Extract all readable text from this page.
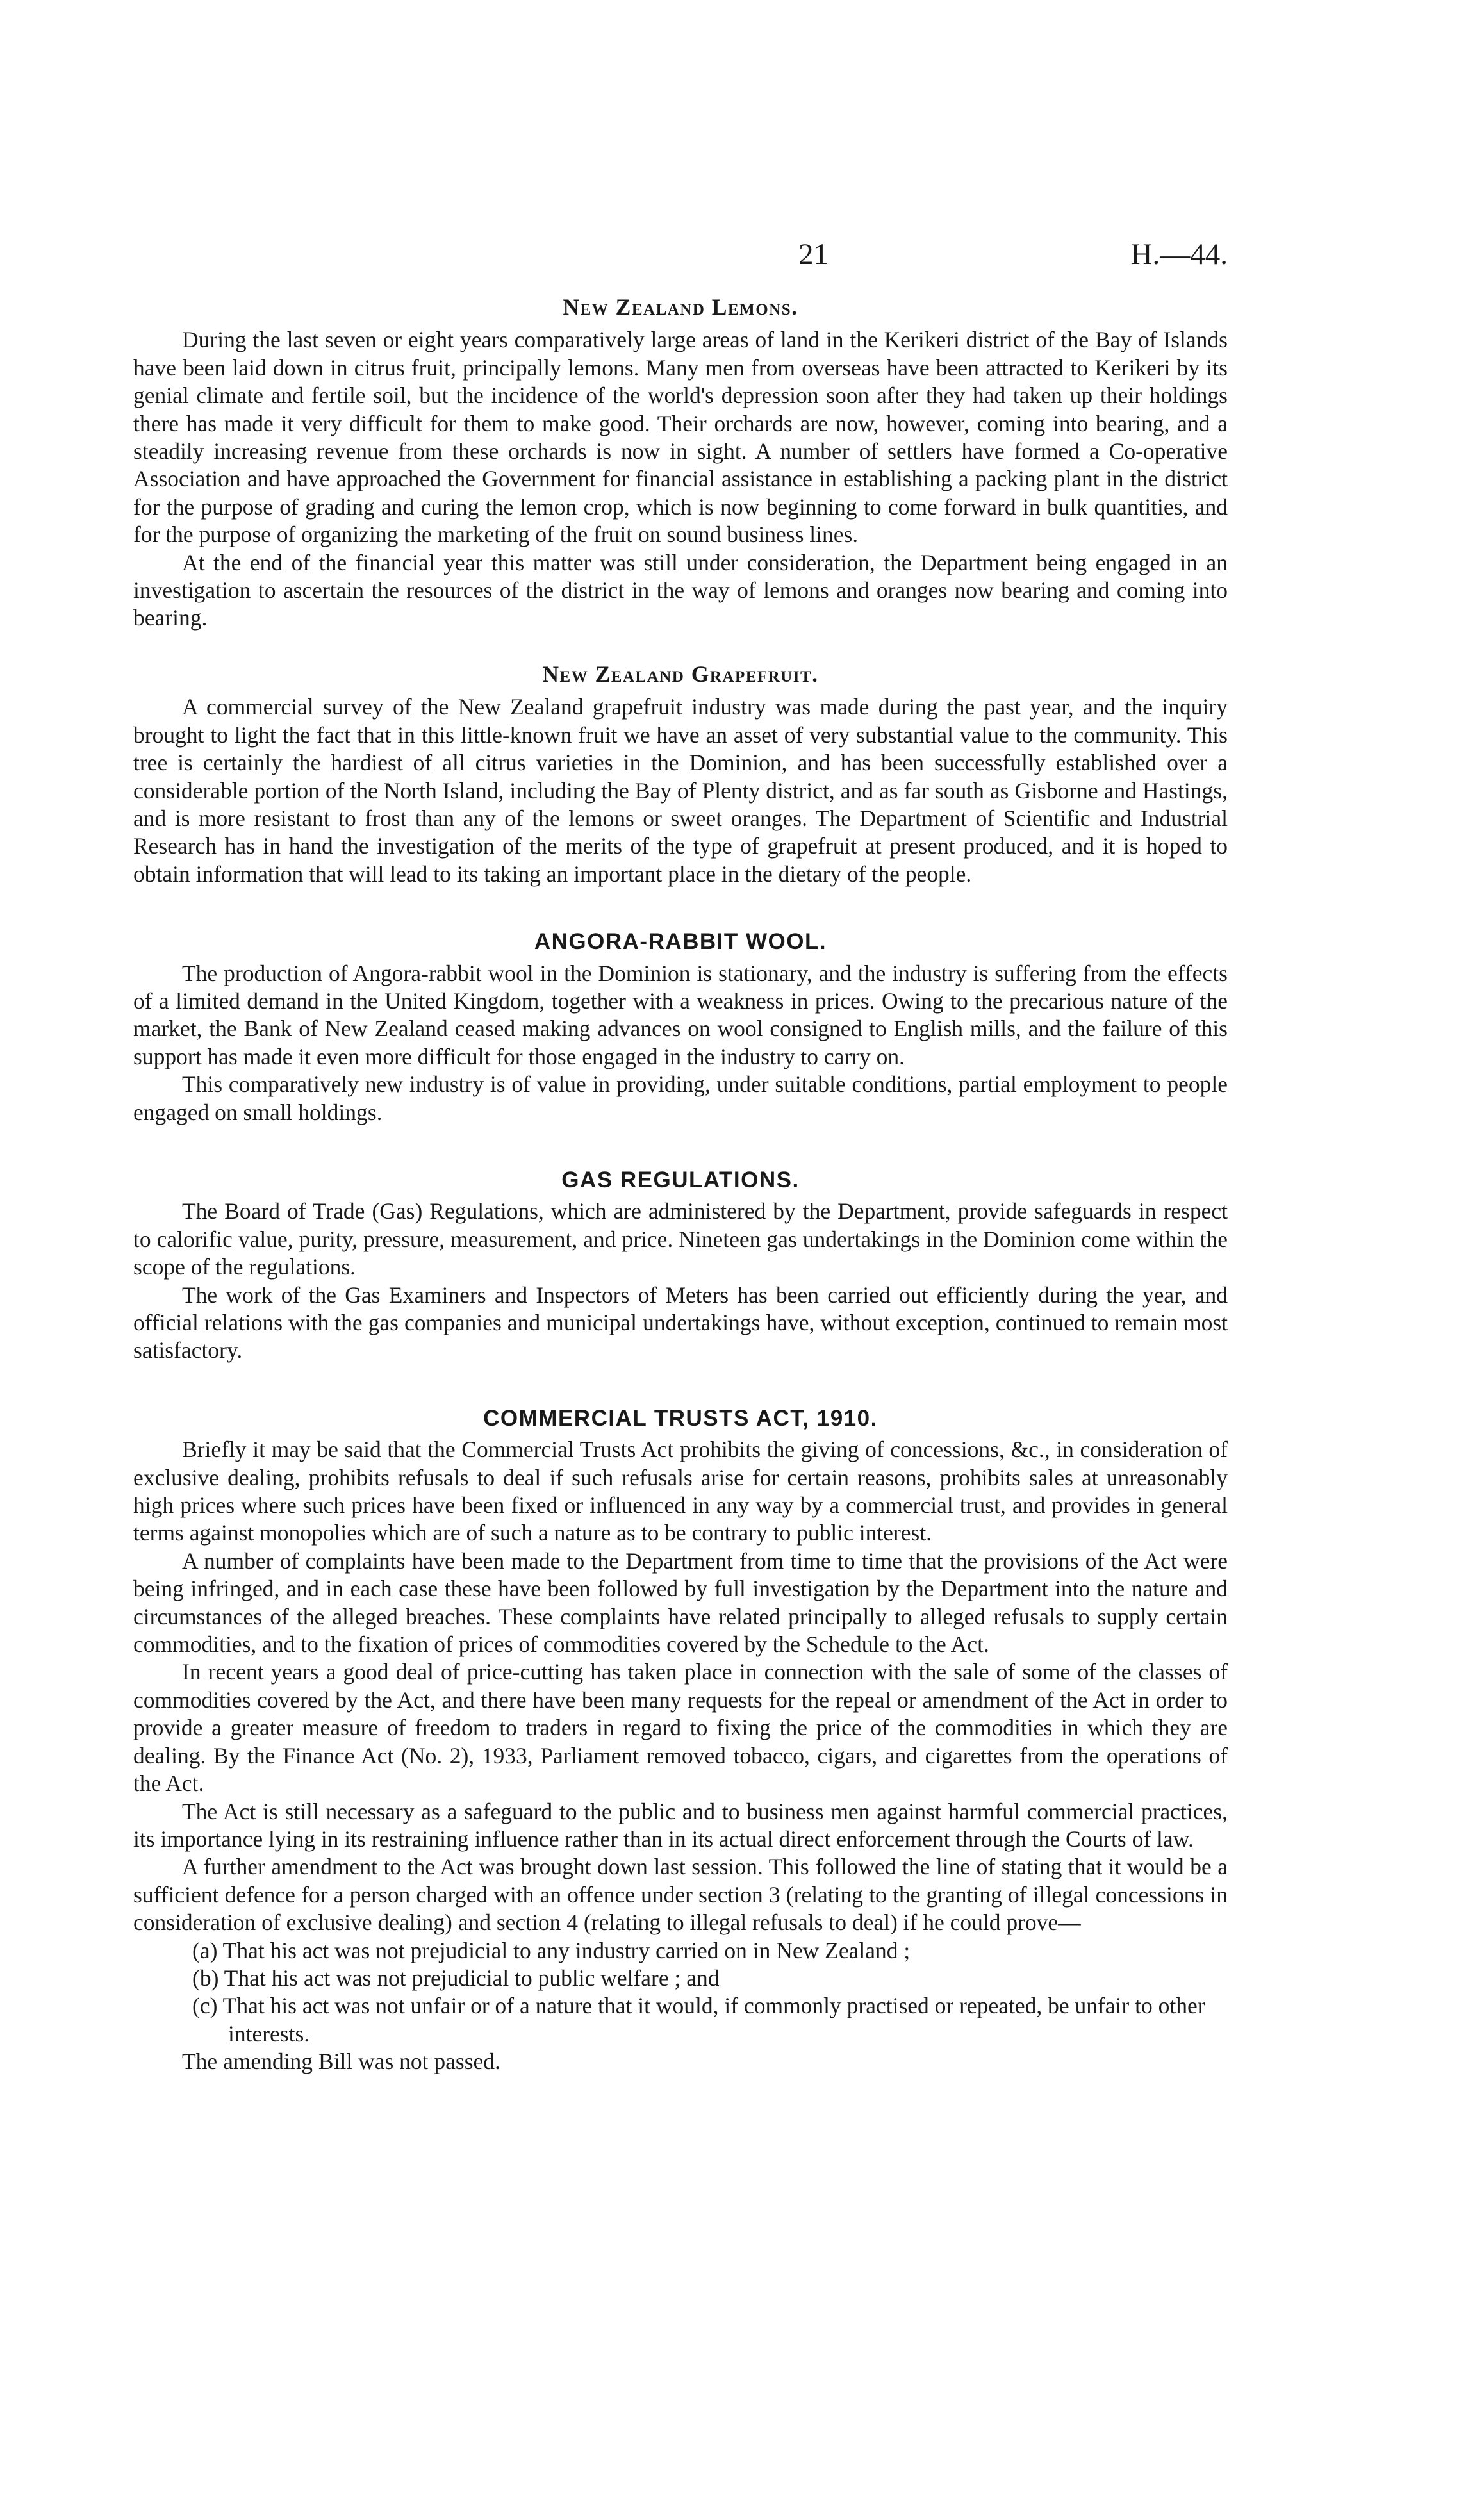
21	H.—44.
New Zealand Lemons.

During the last seven or eight years comparatively large areas of land in the Kerikeri district of the Bay of Islands have been laid down in citrus fruit, principally lemons. Many men from overseas have been attracted to Kerikeri by its genial climate and fertile soil, but the incidence of the world's depression soon after they had taken up their holdings there has made it very difficult for them to make good. Their orchards are now, however, coming into bearing, and a steadily increasing revenue from these orchards is now in sight. A number of settlers have formed a Co-operative Association and have approached the Government for financial assistance in establishing a packing plant in the district for the purpose of grading and curing the lemon crop, which is now beginning to come forward in bulk quantities, and for the purpose of organizing the marketing of the fruit on sound business lines.

At the end of the financial year this matter was still under consideration, the Department being engaged in an investigation to ascertain the resources of the district in the way of lemons and oranges now bearing and coming into bearing.

New Zealand Grapefruit.

A commercial survey of the New Zealand grapefruit industry was made during the past year, and the inquiry brought to light the fact that in this little-known fruit we have an asset of very substantial value to the community. This tree is certainly the hardiest of all citrus varieties in the Dominion, and has been successfully established over a considerable portion of the North Island, including the Bay of Plenty district, and as far south as Gisborne and Hastings, and is more resistant to frost than any of the lemons or sweet oranges. The Department of Scientific and Industrial Research has in hand the investigation of the merits of the type of grapefruit at present produced, and it is hoped to obtain information that will lead to its taking an important place in the dietary of the people.

ANGORA-RABBIT WOOL.

The production of Angora-rabbit wool in the Dominion is stationary, and the industry is suffering from the effects of a limited demand in the United Kingdom, together with a weakness in prices. Owing to the precarious nature of the market, the Bank of New Zealand ceased making advances on wool consigned to English mills, and the failure of this support has made it even more difficult for those engaged in the industry to carry on.

This comparatively new industry is of value in providing, under suitable conditions, partial employment to people engaged on small holdings.

GAS REGULATIONS.

The Board of Trade (Gas) Regulations, which are administered by the Department, provide safeguards in respect to calorific value, purity, pressure, measurement, and price. Nineteen gas undertakings in the Dominion come within the scope of the regulations.

The work of the Gas Examiners and Inspectors of Meters has been carried out efficiently during the year, and official relations with the gas companies and municipal undertakings have, without exception, continued to remain most satisfactory.

COMMERCIAL TRUSTS ACT, 1910.

Briefly it may be said that the Commercial Trusts Act prohibits the giving of concessions, &c., in consideration of exclusive dealing, prohibits refusals to deal if such refusals arise for certain reasons, prohibits sales at unreasonably high prices where such prices have been fixed or influenced in any way by a commercial trust, and provides in general terms against monopolies which are of such a nature as to be contrary to public interest.

A number of complaints have been made to the Department from time to time that the provisions of the Act were being infringed, and in each case these have been followed by full investigation by the Department into the nature and circumstances of the alleged breaches. These complaints have related principally to alleged refusals to supply certain commodities, and to the fixation of prices of commodities covered by the Schedule to the Act.

In recent years a good deal of price-cutting has taken place in connection with the sale of some of the classes of commodities covered by the Act, and there have been many requests for the repeal or amendment of the Act in order to provide a greater measure of freedom to traders in regard to fixing the price of the commodities in which they are dealing. By the Finance Act (No. 2), 1933, Parliament removed tobacco, cigars, and cigarettes from the operations of the Act.

The Act is still necessary as a safeguard to the public and to business men against harmful commercial practices, its importance lying in its restraining influence rather than in its actual direct enforcement through the Courts of law.

A further amendment to the Act was brought down last session. This followed the line of stating that it would be a sufficient defence for a person charged with an offence under section 3 (relating to the granting of illegal concessions in consideration of exclusive dealing) and section 4 (relating to illegal refusals to deal) if he could prove—

(a) That his act was not prejudicial to any industry carried on in New Zealand ;

(b) That his act was not prejudicial to public welfare ; and

(c) That his act was not unfair or of a nature that it would, if commonly practised or repeated, be unfair to other interests.

The amending Bill was not passed.
